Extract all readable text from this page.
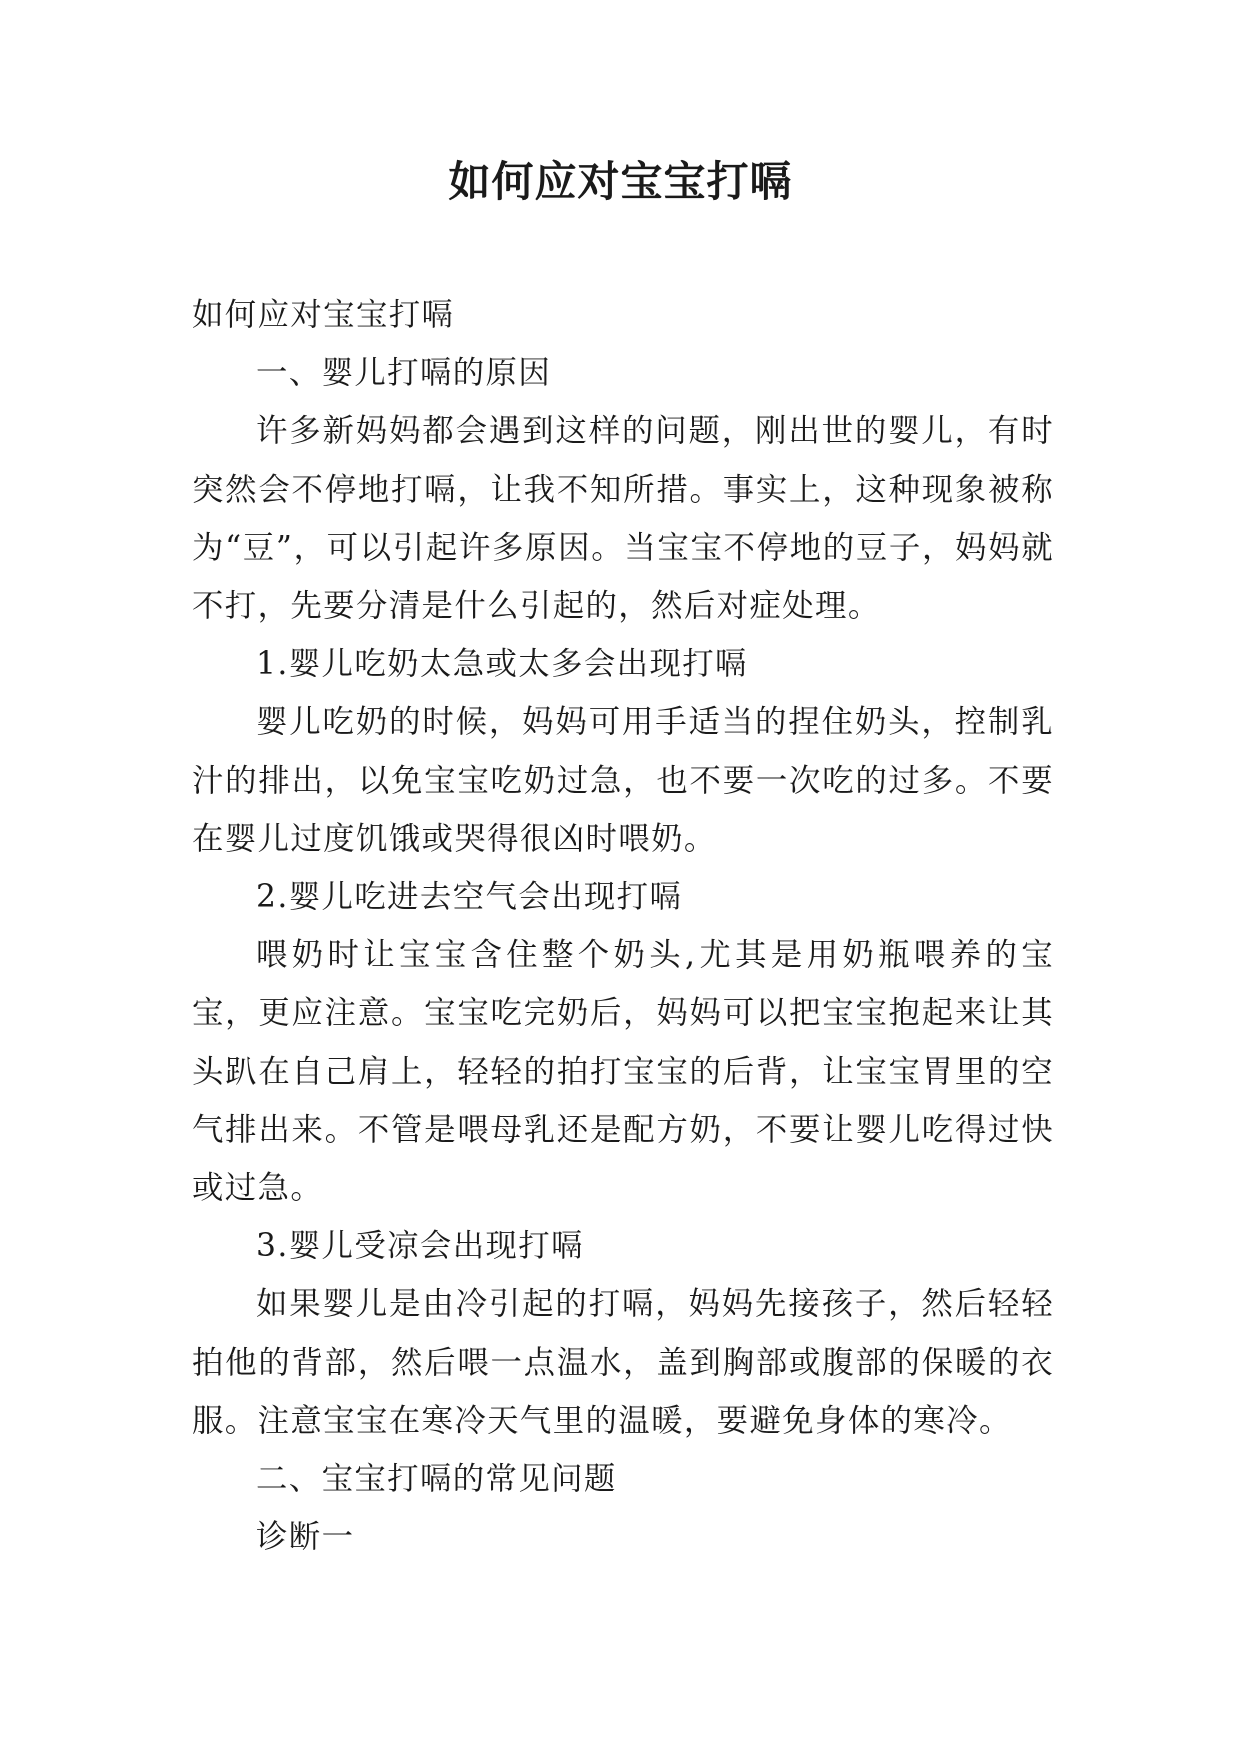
如何应对宝宝打嗝

如何应对宝宝打嗝

一、婴儿打嗝的原因

许多新妈妈都会遇到这样的问题，刚出世的婴儿，有时突然会不停地打嗝，让我不知所措。事实上，这种现象被称为“豆”，可以引起许多原因。当宝宝不停地的豆子，妈妈就不打，先要分清是什么引起的，然后对症处理。

1.婴儿吃奶太急或太多会出现打嗝

婴儿吃奶的时候，妈妈可用手适当的捏住奶头，控制乳汁的排出，以免宝宝吃奶过急，也不要一次吃的过多。不要在婴儿过度饥饿或哭得很凶时喂奶。

2.婴儿吃进去空气会出现打嗝

喂奶时让宝宝含住整个奶头,尤其是用奶瓶喂养的宝宝，更应注意。宝宝吃完奶后，妈妈可以把宝宝抱起来让其头趴在自己肩上，轻轻的拍打宝宝的后背，让宝宝胃里的空气排出来。不管是喂母乳还是配方奶，不要让婴儿吃得过快或过急。

3.婴儿受凉会出现打嗝

如果婴儿是由冷引起的打嗝，妈妈先接孩子，然后轻轻拍他的背部，然后喂一点温水，盖到胸部或腹部的保暖的衣服。注意宝宝在寒冷天气里的温暖，要避免身体的寒冷。

二、宝宝打嗝的常见问题

诊断一
